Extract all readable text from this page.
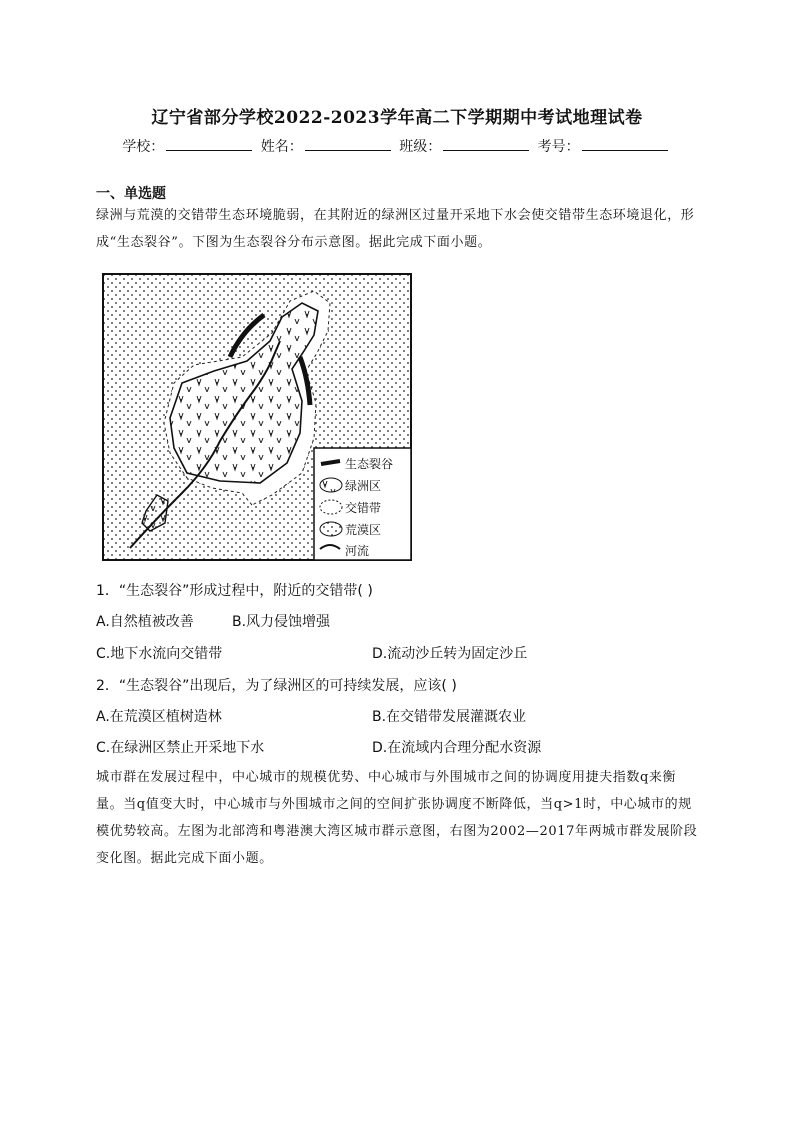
辽宁省部分学校2022-2023学年高二下学期期中考试地理试卷
学校：	姓名：	班级：	考号：
一、单选题
绿洲与荒漠的交错带生态环境脆弱，在其附近的绿洲区过量开采地下水会使交错带生态环境退化，形成“生态裂谷”。下图为生态裂谷分布示意图。据此完成下面小题。
生态裂谷
绿洲区
交错带
荒漠区
河流
1．“生态裂谷”形成过程中，附近的交错带( )
A.自然植被改善	B.风力侵蚀增强
C.地下水流向交错带	D.流动沙丘转为固定沙丘
2．“生态裂谷”出现后，为了绿洲区的可持续发展，应该( )
A.在荒漠区植树造林	B.在交错带发展灌溉农业
C.在绿洲区禁止开采地下水	D.在流域内合理分配水资源
城市群在发展过程中，中心城市的规模优势、中心城市与外围城市之间的协调度用捷夫指数q来衡量。当q值变大时，中心城市与外围城市之间的空间扩张协调度不断降低，当q>1时，中心城市的规模优势较高。左图为北部湾和粤港澳大湾区城市群示意图，右图为2002—2017年两城市群发展阶段变化图。据此完成下面小题。
